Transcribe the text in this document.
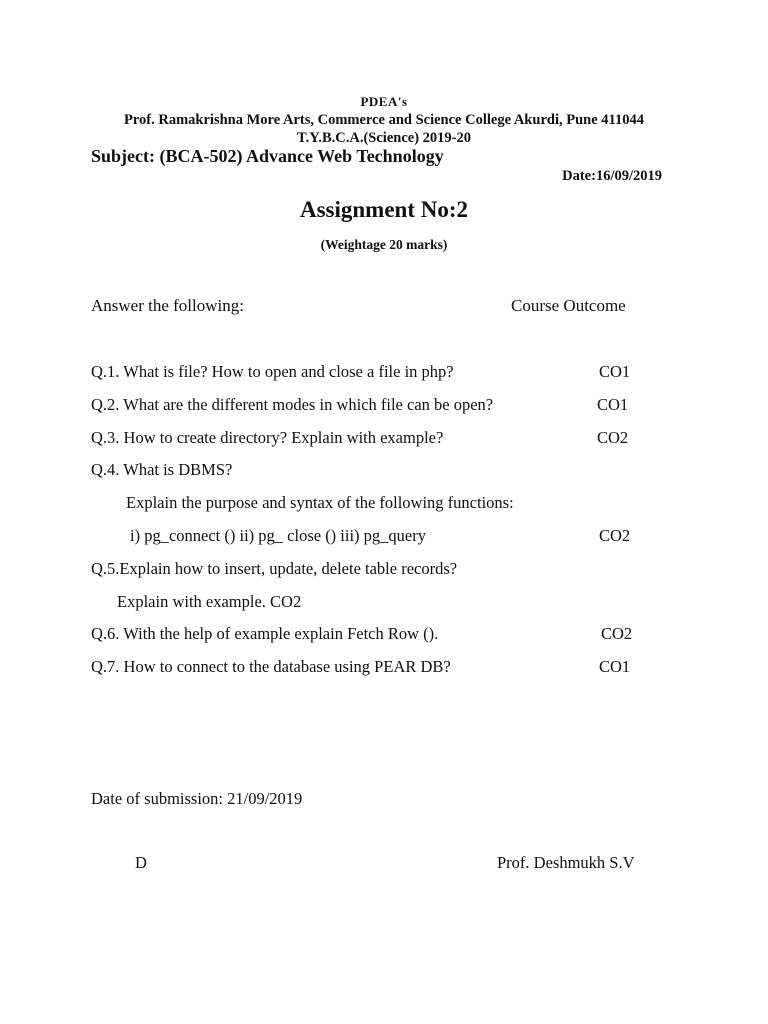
PDEA's
Prof. Ramakrishna More Arts, Commerce and Science College Akurdi, Pune 411044
T.Y.B.C.A.(Science) 2019-20
Subject: (BCA-502) Advance Web Technology
Date:16/09/2019
Assignment No:2
(Weightage 20 marks)
Answer the following:	Course Outcome
Q.1. What is file? How to open and close a file in php?	CO1
Q.2. What are the different modes in which file can be open?	CO1
Q.3. How to create directory? Explain with example?	CO2
Q.4. What is DBMS?
Explain the purpose and syntax of the following functions:
i) pg_connect () ii) pg_ close () iii) pg_query	CO2
Q.5.Explain how to insert, update, delete table records?
Explain with example. CO2
Q.6. With the help of example explain Fetch Row ().	CO2
Q.7. How to connect to the database using PEAR DB?	CO1
Date of submission: 21/09/2019
D	Prof. Deshmukh S.V
